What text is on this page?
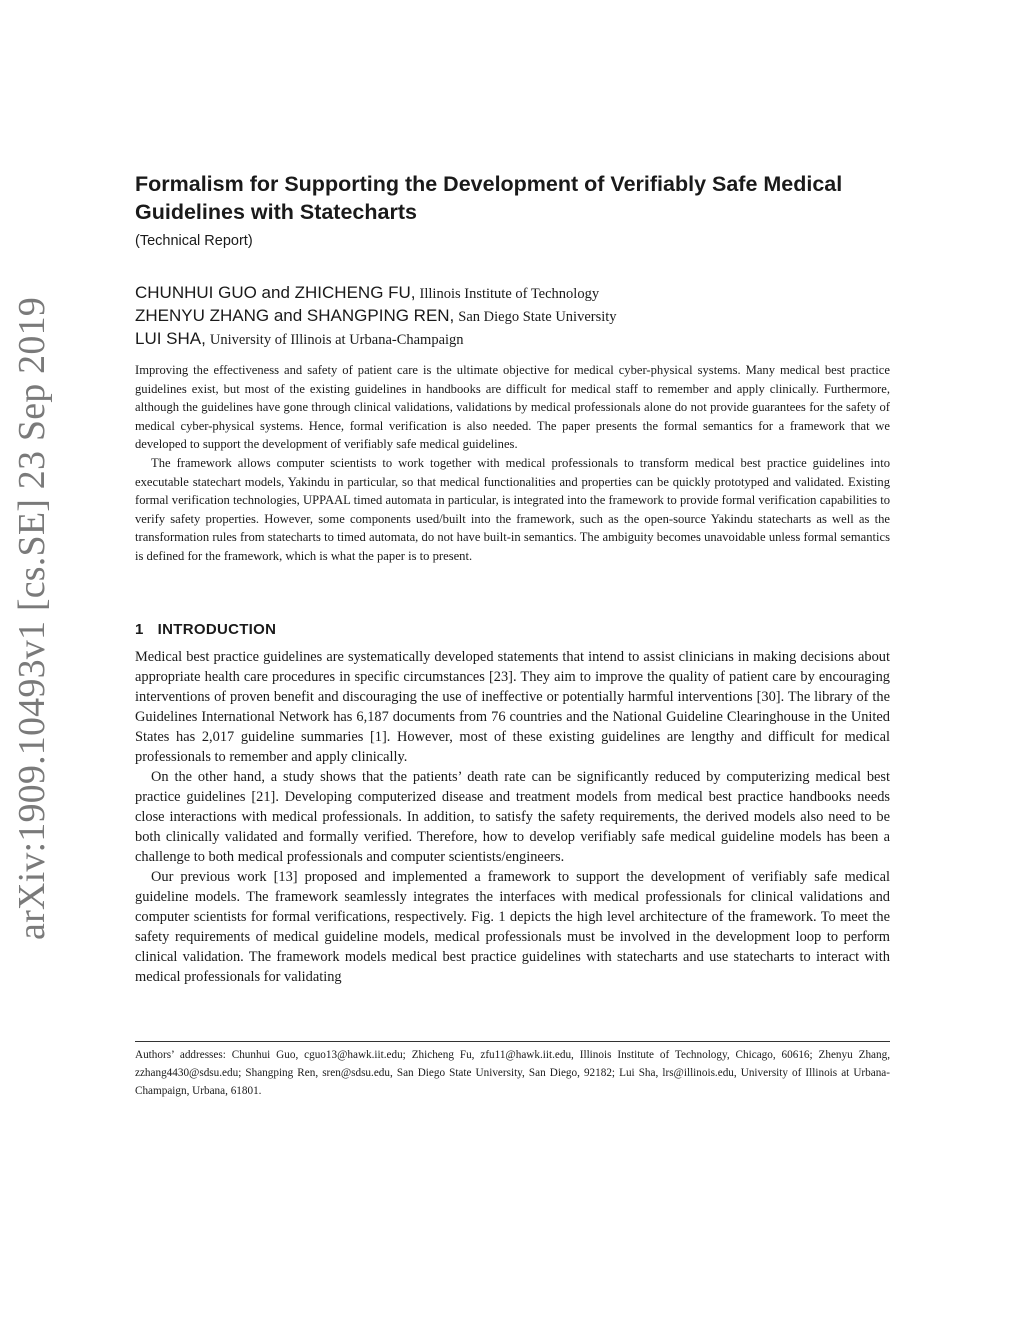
arXiv:1909.10493v1 [cs.SE] 23 Sep 2019
Formalism for Supporting the Development of Verifiably Safe Medical Guidelines with Statecharts
(Technical Report)
CHUNHUI GUO and ZHICHENG FU, Illinois Institute of Technology
ZHENYU ZHANG and SHANGPING REN, San Diego State University
LUI SHA, University of Illinois at Urbana-Champaign

Improving the effectiveness and safety of patient care is the ultimate objective for medical cyber-physical systems. Many medical best practice guidelines exist, but most of the existing guidelines in handbooks are difficult for medical staff to remember and apply clinically. Furthermore, although the guidelines have gone through clinical validations, validations by medical professionals alone do not provide guarantees for the safety of medical cyber-physical systems. Hence, formal verification is also needed. The paper presents the formal semantics for a framework that we developed to support the development of verifiably safe medical guidelines.

The framework allows computer scientists to work together with medical professionals to transform medical best practice guidelines into executable statechart models, Yakindu in particular, so that medical functionalities and properties can be quickly prototyped and validated. Existing formal verification technologies, UPPAAL timed automata in particular, is integrated into the framework to provide formal verification capabilities to verify safety properties. However, some components used/built into the framework, such as the open-source Yakindu statecharts as well as the transformation rules from statecharts to timed automata, do not have built-in semantics. The ambiguity becomes unavoidable unless formal semantics is defined for the framework, which is what the paper is to present.

1 INTRODUCTION

Medical best practice guidelines are systematically developed statements that intend to assist clinicians in making decisions about appropriate health care procedures in specific circumstances [23]. They aim to improve the quality of patient care by encouraging interventions of proven benefit and discouraging the use of ineffective or potentially harmful interventions [30]. The library of the Guidelines International Network has 6,187 documents from 76 countries and the National Guideline Clearinghouse in the United States has 2,017 guideline summaries [1]. However, most of these existing guidelines are lengthy and difficult for medical professionals to remember and apply clinically.

On the other hand, a study shows that the patients’ death rate can be significantly reduced by computerizing medical best practice guidelines [21]. Developing computerized disease and treatment models from medical best practice handbooks needs close interactions with medical professionals. In addition, to satisfy the safety requirements, the derived models also need to be both clinically validated and formally verified. Therefore, how to develop verifiably safe medical guideline models has been a challenge to both medical professionals and computer scientists/engineers.

Our previous work [13] proposed and implemented a framework to support the development of verifiably safe medical guideline models. The framework seamlessly integrates the interfaces with medical professionals for clinical validations and computer scientists for formal verifications, respectively. Fig. 1 depicts the high level architecture of the framework. To meet the safety requirements of medical guideline models, medical professionals must be involved in the development loop to perform clinical validation. The framework models medical best practice guidelines with statecharts and use statecharts to interact with medical professionals for validating

Authors’ addresses: Chunhui Guo, cguo13@hawk.iit.edu; Zhicheng Fu, zfu11@hawk.iit.edu, Illinois Institute of Technology, Chicago, 60616; Zhenyu Zhang, zzhang4430@sdsu.edu; Shangping Ren, sren@sdsu.edu, San Diego State University, San Diego, 92182; Lui Sha, lrs@illinois.edu, University of Illinois at Urbana-Champaign, Urbana, 61801.
